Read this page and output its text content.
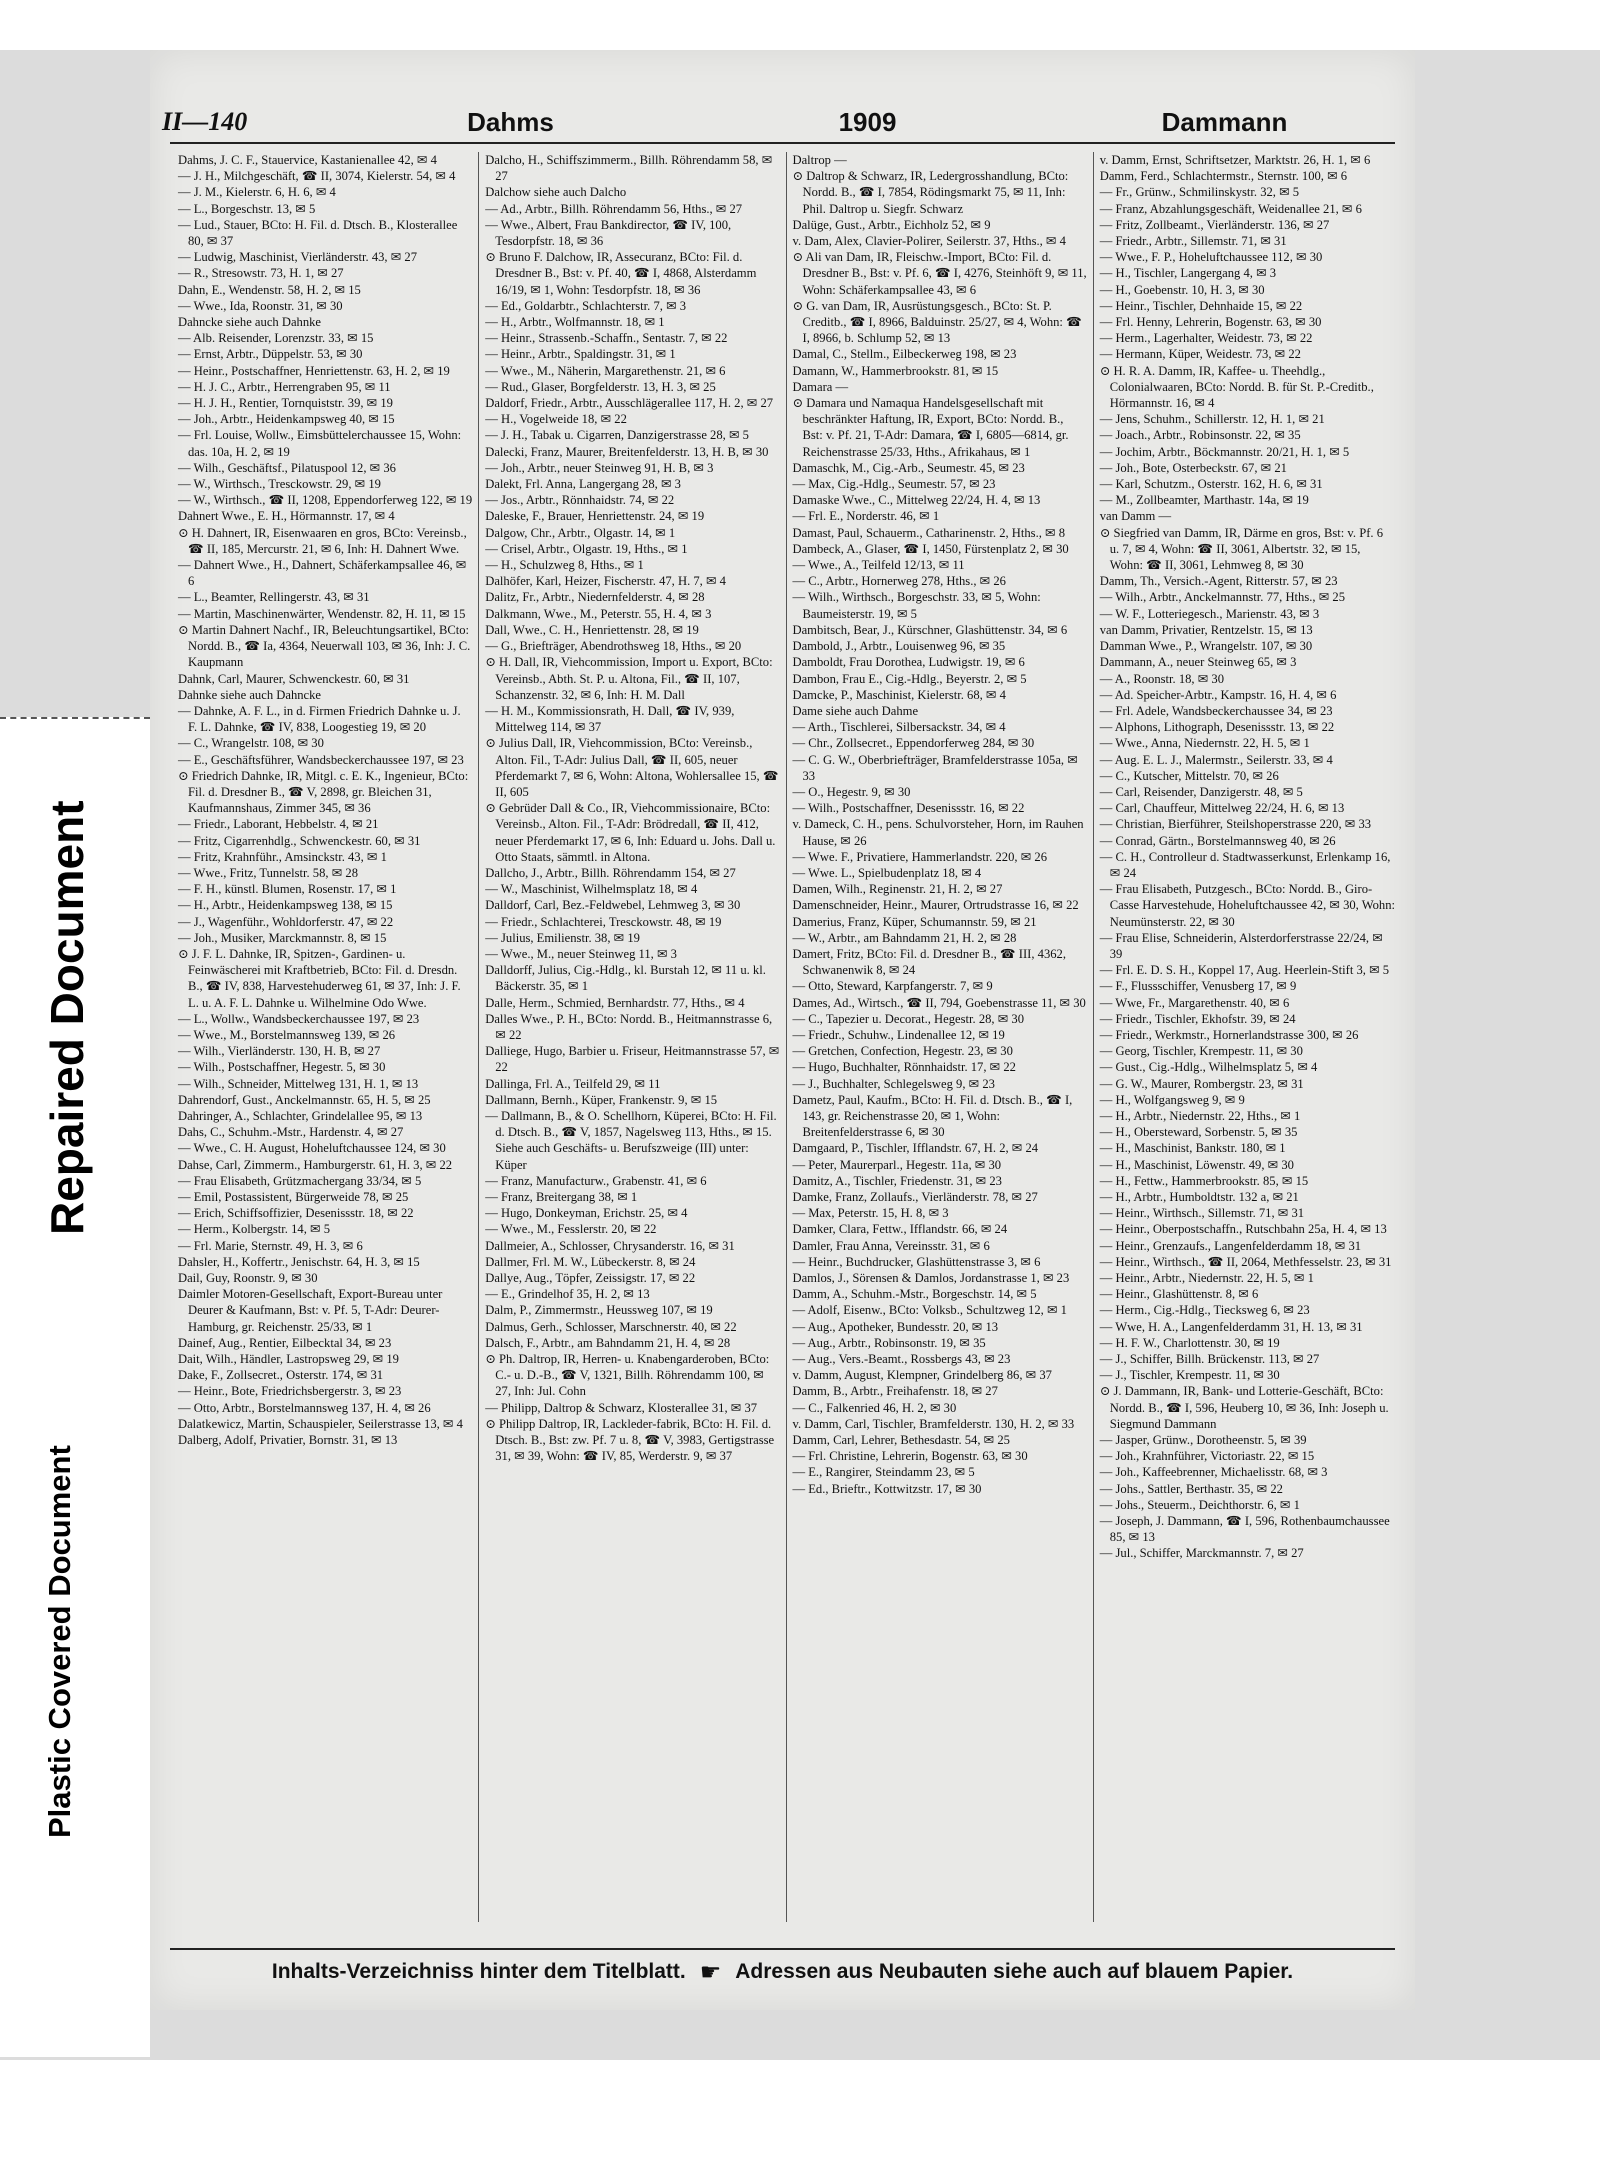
Repaired Document
Plastic Covered Document
II—140	Dahms	1909	Dammann

Dahms, J. C. F., Stauervice, Kastanienallee 42, ✉ 4

— J. H., Milchgeschäft, ☎ II, 3074, Kielerstr. 54, ✉ 4

— J. M., Kielerstr. 6, H. 6, ✉ 4

— L., Borgeschstr. 13, ✉ 5

— Lud., Stauer, BCto: H. Fil. d. Dtsch. B., Klosterallee 80, ✉ 37

— Ludwig, Maschinist, Vierländerstr. 43, ✉ 27

— R., Stresowstr. 73, H. 1, ✉ 27

Dahn, E., Wendenstr. 58, H. 2, ✉ 15

— Wwe., Ida, Roonstr. 31, ✉ 30

Dahncke siehe auch Dahnke

— Alb. Reisender, Lorenzstr. 33, ✉ 15

— Ernst, Arbtr., Düppelstr. 53, ✉ 30

— Heinr., Postschaffner, Henriettenstr. 63, H. 2, ✉ 19

— H. J. C., Arbtr., Herrengraben 95, ✉ 11

— H. J. H., Rentier, Tornquiststr. 39, ✉ 19

— Joh., Arbtr., Heidenkampsweg 40, ✉ 15

— Frl. Louise, Wollw., Eimsbüttelerchaussee 15, Wohn: das. 10a, H. 2, ✉ 19

— Wilh., Geschäftsf., Pilatuspool 12, ✉ 36

— W., Wirthsch., Tresckowstr. 29, ✉ 19

— W., Wirthsch., ☎ II, 1208, Eppendorferweg 122, ✉ 19

Dahnert Wwe., E. H., Hörmannstr. 17, ✉ 4

⊙ H. Dahnert, IR, Eisenwaaren en gros, BCto: Vereinsb., ☎ II, 185, Mercurstr. 21, ✉ 6, Inh: H. Dahnert Wwe.

— Dahnert Wwe., H., Dahnert, Schäferkampsallee 46, ✉ 6

— L., Beamter, Rellingerstr. 43, ✉ 31

— Martin, Maschinenwärter, Wendenstr. 82, H. 11, ✉ 15

⊙ Martin Dahnert Nachf., IR, Beleuchtungsartikel, BCto: Nordd. B., ☎ Ia, 4364, Neuerwall 103, ✉ 36, Inh: J. C. Kaupmann

Dahnk, Carl, Maurer, Schwenckestr. 60, ✉ 31

Dahnke siehe auch Dahncke

— Dahnke, A. F. L., in d. Firmen Friedrich Dahnke u. J. F. L. Dahnke, ☎ IV, 838, Loogestieg 19, ✉ 20

— C., Wrangelstr. 108, ✉ 30

— E., Geschäftsführer, Wandsbeckerchaussee 197, ✉ 23

⊙ Friedrich Dahnke, IR, Mitgl. c. E. K., Ingenieur, BCto: Fil. d. Dresdner B., ☎ V, 2898, gr. Bleichen 31, Kaufmannshaus, Zimmer 345, ✉ 36

— Friedr., Laborant, Hebbelstr. 4, ✉ 21

— Fritz, Cigarrenhdlg., Schwenckestr. 60, ✉ 31

— Fritz, Krahnführ., Amsinckstr. 43, ✉ 1

— Wwe., Fritz, Tunnelstr. 58, ✉ 28

— F. H., künstl. Blumen, Rosenstr. 17, ✉ 1

— H., Arbtr., Heidenkampsweg 138, ✉ 15

— J., Wagenführ., Wohldorferstr. 47, ✉ 22

— Joh., Musiker, Marckmannstr. 8, ✉ 15

⊙ J. F. L. Dahnke, IR, Spitzen-, Gardinen- u. Feinwäscherei mit Kraftbetrieb, BCto: Fil. d. Dresdn. B., ☎ IV, 838, Harvestehuderweg 61, ✉ 37, Inh: J. F. L. u. A. F. L. Dahnke u. Wilhelmine Odo Wwe.

— L., Wollw., Wandsbeckerchaussee 197, ✉ 23

— Wwe., M., Borstelmannsweg 139, ✉ 26

— Wilh., Vierländerstr. 130, H. B, ✉ 27

— Wilh., Postschaffner, Hegestr. 5, ✉ 30

— Wilh., Schneider, Mittelweg 131, H. 1, ✉ 13

Dahrendorf, Gust., Anckelmannstr. 65, H. 5, ✉ 25

Dahringer, A., Schlachter, Grindelallee 95, ✉ 13

Dahs, C., Schuhm.-Mstr., Hardenstr. 4, ✉ 27

— Wwe., C. H. August, Hoheluftchaussee 124, ✉ 30

Dahse, Carl, Zimmerm., Hamburgerstr. 61, H. 3, ✉ 22

— Frau Elisabeth, Grützmachergang 33/34, ✉ 5

— Emil, Postassistent, Bürgerweide 78, ✉ 25

— Erich, Schiffsoffizier, Desenissstr. 18, ✉ 22

— Herm., Kolbergstr. 14, ✉ 5

— Frl. Marie, Sternstr. 49, H. 3, ✉ 6

Dahsler, H., Koffertr., Jenischstr. 64, H. 3, ✉ 15

Dail, Guy, Roonstr. 9, ✉ 30

Daimler Motoren-Gesellschaft, Export-Bureau unter Deurer & Kaufmann, Bst: v. Pf. 5, T-Adr: Deurer-Hamburg, gr. Reichenstr. 25/33, ✉ 1

Dainef, Aug., Rentier, Eilbecktal 34, ✉ 23

Dait, Wilh., Händler, Lastropsweg 29, ✉ 19

Dake, F., Zollsecret., Osterstr. 174, ✉ 31

— Heinr., Bote, Friedrichsbergerstr. 3, ✉ 23

— Otto, Arbtr., Borstelmannsweg 137, H. 4, ✉ 26

Dalatkewicz, Martin, Schauspieler, Seilerstrasse 13, ✉ 4

Dalberg, Adolf, Privatier, Bornstr. 31, ✉ 13

Dalcho, H., Schiffszimmerm., Billh. Röhrendamm 58, ✉ 27

Dalchow siehe auch Dalcho

— Ad., Arbtr., Billh. Röhrendamm 56, Hths., ✉ 27

— Wwe., Albert, Frau Bankdirector, ☎ IV, 100, Tesdorpfstr. 18, ✉ 36

⊙ Bruno F. Dalchow, IR, Assecuranz, BCto: Fil. d. Dresdner B., Bst: v. Pf. 40, ☎ I, 4868, Alsterdamm 16/19, ✉ 1, Wohn: Tesdorpfstr. 18, ✉ 36

— Ed., Goldarbtr., Schlachterstr. 7, ✉ 3

— H., Arbtr., Wolfmannstr. 18, ✉ 1

— Heinr., Strassenb.-Schaffn., Sentastr. 7, ✉ 22

— Heinr., Arbtr., Spaldingstr. 31, ✉ 1

— Wwe., M., Näherin, Margarethenstr. 21, ✉ 6

— Rud., Glaser, Borgfelderstr. 13, H. 3, ✉ 25

Daldorf, Friedr., Arbtr., Ausschlägerallee 117, H. 2, ✉ 27

— H., Vogelweide 18, ✉ 22

— J. H., Tabak u. Cigarren, Danzigerstrasse 28, ✉ 5

Dalecki, Franz, Maurer, Breitenfelderstr. 13, H. B, ✉ 30

— Joh., Arbtr., neuer Steinweg 91, H. B, ✉ 3

Dalekt, Frl. Anna, Langergang 28, ✉ 3

— Jos., Arbtr., Rönnhaidstr. 74, ✉ 22

Daleske, F., Brauer, Henriettenstr. 24, ✉ 19

Dalgow, Chr., Arbtr., Olgastr. 14, ✉ 1

— Crisel, Arbtr., Olgastr. 19, Hths., ✉ 1

— H., Schulzweg 8, Hths., ✉ 1

Dalhöfer, Karl, Heizer, Fischerstr. 47, H. 7, ✉ 4

Dalitz, Fr., Arbtr., Niedernfelderstr. 4, ✉ 28

Dalkmann, Wwe., M., Peterstr. 55, H. 4, ✉ 3

Dall, Wwe., C. H., Henriettenstr. 28, ✉ 19

— G., Briefträger, Abendrothsweg 18, Hths., ✉ 20

⊙ H. Dall, IR, Viehcommission, Import u. Export, BCto: Vereinsb., Abth. St. P. u. Altona, Fil., ☎ II, 107, Schanzenstr. 32, ✉ 6, Inh: H. M. Dall

— H. M., Kommissionsrath, H. Dall, ☎ IV, 939, Mittelweg 114, ✉ 37

⊙ Julius Dall, IR, Viehcommission, BCto: Vereinsb., Alton. Fil., T-Adr: Julius Dall, ☎ II, 605, neuer Pferdemarkt 7, ✉ 6, Wohn: Altona, Wohlersallee 15, ☎ II, 605

⊙ Gebrüder Dall & Co., IR, Viehcommissionaire, BCto: Vereinsb., Alton. Fil., T-Adr: Brödredall, ☎ II, 412, neuer Pferdemarkt 17, ✉ 6, Inh: Eduard u. Johs. Dall u. Otto Staats, sämmtl. in Altona.

Dallcho, J., Arbtr., Billh. Röhrendamm 154, ✉ 27

— W., Maschinist, Wilhelmsplatz 18, ✉ 4

Dalldorf, Carl, Bez.-Feldwebel, Lehmweg 3, ✉ 30

— Friedr., Schlachterei, Tresckowstr. 48, ✉ 19

— Julius, Emilienstr. 38, ✉ 19

— Wwe., M., neuer Steinweg 11, ✉ 3

Dalldorff, Julius, Cig.-Hdlg., kl. Burstah 12, ✉ 11 u. kl. Bäckerstr. 35, ✉ 1

Dalle, Herm., Schmied, Bernhardstr. 77, Hths., ✉ 4

Dalles Wwe., P. H., BCto: Nordd. B., Heitmannstrasse 6, ✉ 22

Dalliege, Hugo, Barbier u. Friseur, Heitmannstrasse 57, ✉ 22

Dallinga, Frl. A., Teilfeld 29, ✉ 11

Dallmann, Bernh., Küper, Frankenstr. 9, ✉ 15

— Dallmann, B., & O. Schellhorn, Küperei, BCto: H. Fil. d. Dtsch. B., ☎ V, 1857, Nagelsweg 113, Hths., ✉ 15. Siehe auch Geschäfts- u. Berufszweige (III) unter: Küper

— Franz, Manufacturw., Grabenstr. 41, ✉ 6

— Franz, Breitergang 38, ✉ 1

— Hugo, Donkeyman, Erichstr. 25, ✉ 4

— Wwe., M., Fesslerstr. 20, ✉ 22

Dallmeier, A., Schlosser, Chrysanderstr. 16, ✉ 31

Dallmer, Frl. M. W., Lübeckerstr. 8, ✉ 24

Dallye, Aug., Töpfer, Zeissigstr. 17, ✉ 22

— E., Grindelhof 35, H. 2, ✉ 13

Dalm, P., Zimmermstr., Heussweg 107, ✉ 19

Dalmus, Gerh., Schlosser, Marschnerstr. 40, ✉ 22

Dalsch, F., Arbtr., am Bahndamm 21, H. 4, ✉ 28

⊙ Ph. Daltrop, IR, Herren- u. Knabengarderoben, BCto: C.- u. D.-B., ☎ V, 1321, Billh. Röhrendamm 100, ✉ 27, Inh: Jul. Cohn

— Philipp, Daltrop & Schwarz, Klosterallee 31, ✉ 37

⊙ Philipp Daltrop, IR, Lackleder-fabrik, BCto: H. Fil. d. Dtsch. B., Bst: zw. Pf. 7 u. 8, ☎ V, 3983, Gertigstrasse 31, ✉ 39, Wohn: ☎ IV, 85, Werderstr. 9, ✉ 37

Daltrop —

⊙ Daltrop & Schwarz, IR, Ledergrosshandlung, BCto: Nordd. B., ☎ I, 7854, Rödingsmarkt 75, ✉ 11, Inh: Phil. Daltrop u. Siegfr. Schwarz

Dalüge, Gust., Arbtr., Eichholz 52, ✉ 9

v. Dam, Alex, Clavier-Polirer, Seilerstr. 37, Hths., ✉ 4

⊙ Ali van Dam, IR, Fleischw.-Import, BCto: Fil. d. Dresdner B., Bst: v. Pf. 6, ☎ I, 4276, Steinhöft 9, ✉ 11, Wohn: Schäferkampsallee 43, ✉ 6

⊙ G. van Dam, IR, Ausrüstungsgesch., BCto: St. P. Creditb., ☎ I, 8966, Balduinstr. 25/27, ✉ 4, Wohn: ☎ I, 8966, b. Schlump 52, ✉ 13

Damal, C., Stellm., Eilbeckerweg 198, ✉ 23

Damann, W., Hammerbrookstr. 81, ✉ 15

Damara —

⊙ Damara und Namaqua Handelsgesellschaft mit beschränkter Haftung, IR, Export, BCto: Nordd. B., Bst: v. Pf. 21, T-Adr: Damara, ☎ I, 6805—6814, gr. Reichenstrasse 25/33, Hths., Afrikahaus, ✉ 1

Damaschk, M., Cig.-Arb., Seumestr. 45, ✉ 23

— Max, Cig.-Hdlg., Seumestr. 57, ✉ 23

Damaske Wwe., C., Mittelweg 22/24, H. 4, ✉ 13

— Frl. E., Norderstr. 46, ✉ 1

Damast, Paul, Schauerm., Catharinenstr. 2, Hths., ✉ 8

Dambeck, A., Glaser, ☎ I, 1450, Fürstenplatz 2, ✉ 30

— Wwe., A., Teilfeld 12/13, ✉ 11

— C., Arbtr., Hornerweg 278, Hths., ✉ 26

— Wilh., Wirthsch., Borgeschstr. 33, ✉ 5, Wohn: Baumeisterstr. 19, ✉ 5

Dambitsch, Bear, J., Kürschner, Glashüttenstr. 34, ✉ 6

Dambold, J., Arbtr., Louisenweg 96, ✉ 35

Damboldt, Frau Dorothea, Ludwigstr. 19, ✉ 6

Dambon, Frau E., Cig.-Hdlg., Beyerstr. 2, ✉ 5

Damcke, P., Maschinist, Kielerstr. 68, ✉ 4

Dame siehe auch Dahme

— Arth., Tischlerei, Silbersackstr. 34, ✉ 4

— Chr., Zollsecret., Eppendorferweg 284, ✉ 30

— C. G. W., Oberbriefträger, Bramfelderstrasse 105a, ✉ 33

— O., Hegestr. 9, ✉ 30

— Wilh., Postschaffner, Desenissstr. 16, ✉ 22

v. Dameck, C. H., pens. Schulvorsteher, Horn, im Rauhen Hause, ✉ 26

— Wwe. F., Privatiere, Hammerlandstr. 220, ✉ 26

— Wwe. L., Spielbudenplatz 18, ✉ 4

Damen, Wilh., Reginenstr. 21, H. 2, ✉ 27

Damenschneider, Heinr., Maurer, Ortrudstrasse 16, ✉ 22

Damerius, Franz, Küper, Schumannstr. 59, ✉ 21

— W., Arbtr., am Bahndamm 21, H. 2, ✉ 28

Damert, Fritz, BCto: Fil. d. Dresdner B., ☎ III, 4362, Schwanenwik 8, ✉ 24

— Otto, Steward, Karpfangerstr. 7, ✉ 9

Dames, Ad., Wirtsch., ☎ II, 794, Goebenstrasse 11, ✉ 30

— C., Tapezier u. Decorat., Hegestr. 28, ✉ 30

— Friedr., Schuhw., Lindenallee 12, ✉ 19

— Gretchen, Confection, Hegestr. 23, ✉ 30

— Hugo, Buchhalter, Rönnhaidstr. 17, ✉ 22

— J., Buchhalter, Schlegelsweg 9, ✉ 23

Dametz, Paul, Kaufm., BCto: H. Fil. d. Dtsch. B., ☎ I, 143, gr. Reichenstrasse 20, ✉ 1, Wohn: Breitenfelderstrasse 6, ✉ 30

Damgaard, P., Tischler, Ifflandstr. 67, H. 2, ✉ 24

— Peter, Maurerparl., Hegestr. 11a, ✉ 30

Damitz, A., Tischler, Friedenstr. 31, ✉ 23

Damke, Franz, Zollaufs., Vierländerstr. 78, ✉ 27

— Max, Peterstr. 15, H. 8, ✉ 3

Damker, Clara, Fettw., Ifflandstr. 66, ✉ 24

Damler, Frau Anna, Vereinsstr. 31, ✉ 6

— Heinr., Buchdrucker, Glashüttenstrasse 3, ✉ 6

Damlos, J., Sörensen & Damlos, Jordanstrasse 1, ✉ 23

Damm, A., Schuhm.-Mstr., Borgeschstr. 14, ✉ 5

— Adolf, Eisenw., BCto: Volksb., Schultzweg 12, ✉ 1

— Aug., Apotheker, Bundesstr. 20, ✉ 13

— Aug., Arbtr., Robinsonstr. 19, ✉ 35

— Aug., Vers.-Beamt., Rossbergs 43, ✉ 23

v. Damm, August, Klempner, Grindelberg 86, ✉ 37

Damm, B., Arbtr., Freihafenstr. 18, ✉ 27

— C., Falkenried 46, H. 2, ✉ 30

v. Damm, Carl, Tischler, Bramfelderstr. 130, H. 2, ✉ 33

Damm, Carl, Lehrer, Bethesdastr. 54, ✉ 25

— Frl. Christine, Lehrerin, Bogenstr. 63, ✉ 30

— E., Rangirer, Steindamm 23, ✉ 5

— Ed., Brieftr., Kottwitzstr. 17, ✉ 30

v. Damm, Ernst, Schriftsetzer, Marktstr. 26, H. 1, ✉ 6

Damm, Ferd., Schlachtermstr., Sternstr. 100, ✉ 6

— Fr., Grünw., Schmilinskystr. 32, ✉ 5

— Franz, Abzahlungsgeschäft, Weidenallee 21, ✉ 6

— Fritz, Zollbeamt., Vierländerstr. 136, ✉ 27

— Friedr., Arbtr., Sillemstr. 71, ✉ 31

— Wwe., F. P., Hoheluftchaussee 112, ✉ 30

— H., Tischler, Langergang 4, ✉ 3

— H., Goebenstr. 10, H. 3, ✉ 30

— Heinr., Tischler, Dehnhaide 15, ✉ 22

— Frl. Henny, Lehrerin, Bogenstr. 63, ✉ 30

— Herm., Lagerhalter, Weidestr. 73, ✉ 22

— Hermann, Küper, Weidestr. 73, ✉ 22

⊙ H. R. A. Damm, IR, Kaffee- u. Theehdlg., Colonialwaaren, BCto: Nordd. B. für St. P.-Creditb., Hörmannstr. 16, ✉ 4

— Jens, Schuhm., Schillerstr. 12, H. 1, ✉ 21

— Joach., Arbtr., Robinsonstr. 22, ✉ 35

— Jochim, Arbtr., Böckmannstr. 20/21, H. 1, ✉ 5

— Joh., Bote, Osterbeckstr. 67, ✉ 21

— Karl, Schutzm., Osterstr. 162, H. 6, ✉ 31

— M., Zollbeamter, Marthastr. 14a, ✉ 19

van Damm —

⊙ Siegfried van Damm, IR, Därme en gros, Bst: v. Pf. 6 u. 7, ✉ 4, Wohn: ☎ II, 3061, Albertstr. 32, ✉ 15, Wohn: ☎ II, 3061, Lehmweg 8, ✉ 30

Damm, Th., Versich.-Agent, Ritterstr. 57, ✉ 23

— Wilh., Arbtr., Anckelmannstr. 77, Hths., ✉ 25

— W. F., Lotteriegesch., Marienstr. 43, ✉ 3

van Damm, Privatier, Rentzelstr. 15, ✉ 13

Damman Wwe., P., Wrangelstr. 107, ✉ 30

Dammann, A., neuer Steinweg 65, ✉ 3

— A., Roonstr. 18, ✉ 30

— Ad. Speicher-Arbtr., Kampstr. 16, H. 4, ✉ 6

— Frl. Adele, Wandsbeckerchaussee 34, ✉ 23

— Alphons, Lithograph, Desenissstr. 13, ✉ 22

— Wwe., Anna, Niedernstr. 22, H. 5, ✉ 1

— Aug. E. L. J., Malermstr., Seilerstr. 33, ✉ 4

— C., Kutscher, Mittelstr. 70, ✉ 26

— Carl, Reisender, Danzigerstr. 48, ✉ 5

— Carl, Chauffeur, Mittelweg 22/24, H. 6, ✉ 13

— Christian, Bierführer, Steilshoperstrasse 220, ✉ 33

— Conrad, Gärtn., Borstelmannsweg 40, ✉ 26

— C. H., Controlleur d. Stadtwasserkunst, Erlenkamp 16, ✉ 24

— Frau Elisabeth, Putzgesch., BCto: Nordd. B., Giro-Casse Harvestehude, Hoheluftchaussee 42, ✉ 30, Wohn: Neumünsterstr. 22, ✉ 30

— Frau Elise, Schneiderin, Alsterdorferstrasse 22/24, ✉ 39

— Frl. E. D. S. H., Koppel 17, Aug. Heerlein-Stift 3, ✉ 5

— F., Flussschiffer, Venusberg 17, ✉ 9

— Wwe, Fr., Margarethenstr. 40, ✉ 6

— Friedr., Tischler, Ekhofstr. 39, ✉ 24

— Friedr., Werkmstr., Hornerlandstrasse 300, ✉ 26

— Georg, Tischler, Krempestr. 11, ✉ 30

— Gust., Cig.-Hdlg., Wilhelmsplatz 5, ✉ 4

— G. W., Maurer, Rombergstr. 23, ✉ 31

— H., Wolfgangsweg 9, ✉ 9

— H., Arbtr., Niedernstr. 22, Hths., ✉ 1

— H., Obersteward, Sorbenstr. 5, ✉ 35

— H., Maschinist, Bankstr. 180, ✉ 1

— H., Maschinist, Löwenstr. 49, ✉ 30

— H., Fettw., Hammerbrookstr. 85, ✉ 15

— H., Arbtr., Humboldtstr. 132 a, ✉ 21

— Heinr., Wirthsch., Sillemstr. 71, ✉ 31

— Heinr., Oberpostschaffn., Rutschbahn 25a, H. 4, ✉ 13

— Heinr., Grenzaufs., Langenfelderdamm 18, ✉ 31

— Heinr., Wirthsch., ☎ II, 2064, Methfesselstr. 23, ✉ 31

— Heinr., Arbtr., Niedernstr. 22, H. 5, ✉ 1

— Heinr., Glashüttenstr. 8, ✉ 6

— Herm., Cig.-Hdlg., Tiecksweg 6, ✉ 23

— Wwe, H. A., Langenfelderdamm 31, H. 13, ✉ 31

— H. F. W., Charlottenstr. 30, ✉ 19

— J., Schiffer, Billh. Brückenstr. 113, ✉ 27

— J., Tischler, Krempestr. 11, ✉ 30

⊙ J. Dammann, IR, Bank- und Lotterie-Geschäft, BCto: Nordd. B., ☎ I, 596, Heuberg 10, ✉ 36, Inh: Joseph u. Siegmund Dammann

— Jasper, Grünw., Dorotheenstr. 5, ✉ 39

— Joh., Krahnführer, Victoriastr. 22, ✉ 15

— Joh., Kaffeebrenner, Michaelisstr. 68, ✉ 3

— Johs., Sattler, Berthastr. 35, ✉ 22

— Johs., Steuerm., Deichthorstr. 6, ✉ 1

— Joseph, J. Dammann, ☎ I, 596, Rothenbaumchaussee 85, ✉ 13

— Jul., Schiffer, Marckmannstr. 7, ✉ 27

Inhalts-Verzeichniss hinter dem Titelblatt. ☛ Adressen aus Neubauten siehe auch auf blauem Papier.
